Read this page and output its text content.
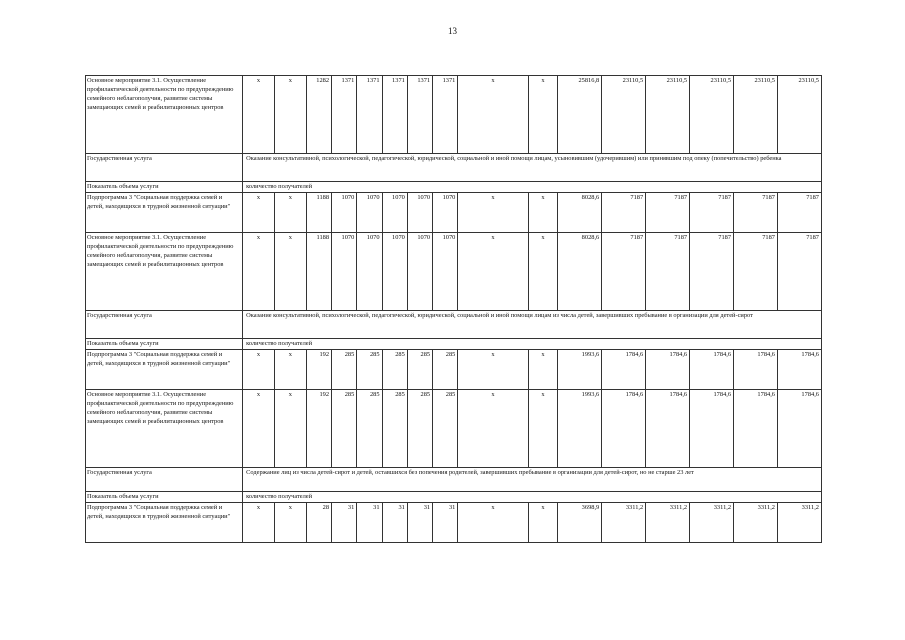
13
Основное мероприятие 3.1. Осуществление профилактической деятельности по предупреждению семейного неблагополучия, развитие системы замещающих семей и реабилитационных центров	х	х	1282	1371	1371	1371	1371	1371	х	х	25816,8	23110,5	23110,5	23110,5	23110,5	23110,5
Государственная услуга	Оказание консультативной, психологической, педагогической, юридической, социальной и иной помощи лицам, усыновившим (удочерившим) или принявшим под опеку (попечительство) ребенка															
Показатель объема услуги	количество получателей															
Подпрограмма 3 "Социальная поддержка семей и детей, находящихся в трудной жизненной ситуации"	х	х	1188	1070	1070	1070	1070	1070	х	х	8028,6	7187	7187	7187	7187	7187
Основное мероприятие 3.1. Осуществление профилактической деятельности по предупреждению семейного неблагополучия, развитие системы замещающих семей и реабилитационных центров	х	х	1188	1070	1070	1070	1070	1070	х	х	8028,6	7187	7187	7187	7187	7187
Государственная услуга	Оказание консультативной, психологической, педагогической, юридической, социальной и иной помощи лицам из числа детей, завершивших пребывание в организации для детей-сирот															
Показатель объема услуги	количество получателей															
Подпрограмма 3 "Социальная поддержка семей и детей, находящихся в трудной жизненной ситуации"	х	х	192	285	285	285	285	285	х	х	1993,6	1784,6	1784,6	1784,6	1784,6	1784,6
Основное мероприятие 3.1. Осуществление профилактической деятельности по предупреждению семейного неблагополучия, развитие системы замещающих семей и реабилитационных центров	х	х	192	285	285	285	285	285	х	х	1993,6	1784,6	1784,6	1784,6	1784,6	1784,6
Государственная услуга	Содержание лиц из числа детей-сирот и детей, оставшихся без попечения родителей, завершивших пребывание в организации для детей-сирот, но не старше 23 лет															
Показатель объема услуги	количество получателей															
Подпрограмма 3 "Социальная поддержка семей и детей, находящихся в трудной жизненной ситуации"	х	х	28	31	31	31	31	31	х	х	3698,9	3311,2	3311,2	3311,2	3311,2	3311,2
